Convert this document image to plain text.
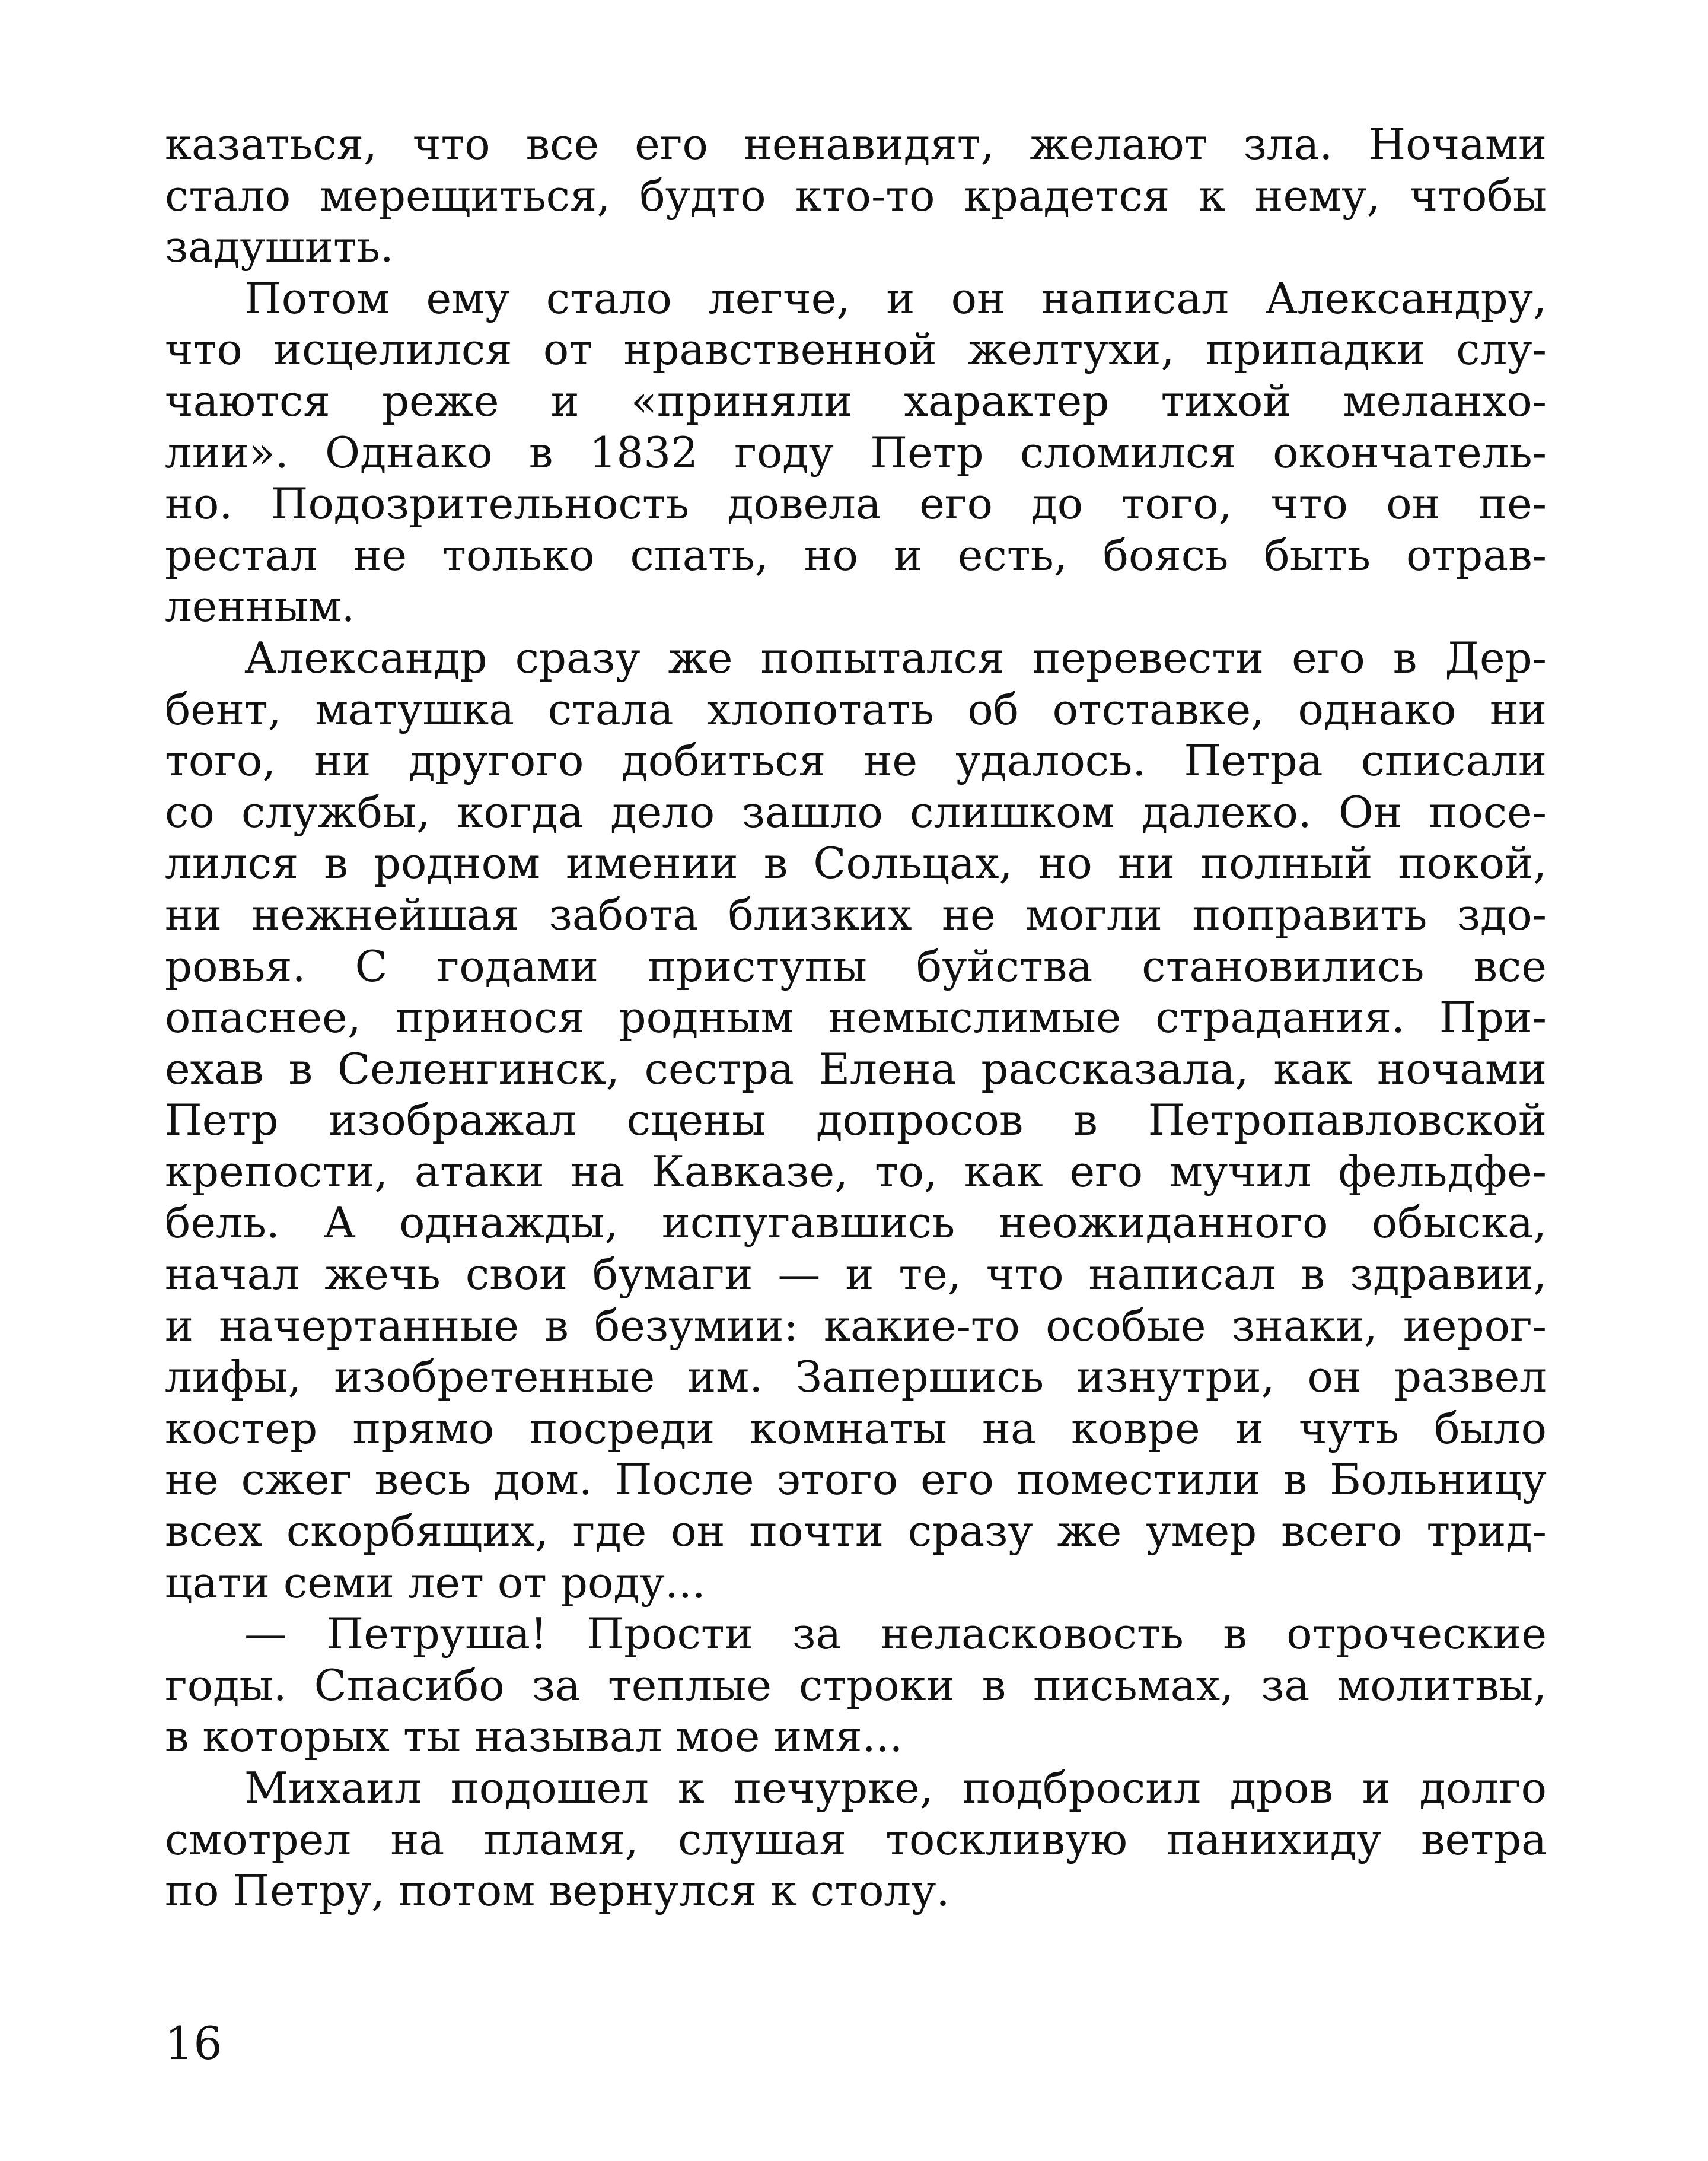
казаться, что все его ненавидят, желают зла. Ночами
стало мерещиться, будто кто-то крадется к нему, чтобы
задушить.
Потом ему стало легче, и он написал Александру,
что исцелился от нравственной желтухи, припадки слу-
чаются реже и «приняли характер тихой меланхо-
лии». Однако в 1832 году Петр сломился окончатель-
но. Подозрительность довела его до того, что он пе-
рестал не только спать, но и есть, боясь быть отрав-
ленным.
Александр сразу же попытался перевести его в Дер-
бент, матушка стала хлопотать об отставке, однако ни
того, ни другого добиться не удалось. Петра списали
со службы, когда дело зашло слишком далеко. Он посе-
лился в родном имении в Сольцах, но ни полный покой,
ни нежнейшая забота близких не могли поправить здо-
ровья. С годами приступы буйства становились все
опаснее, принося родным немыслимые страдания. При-
ехав в Селенгинск, сестра Елена рассказала, как ночами
Петр изображал сцены допросов в Петропавловской
крепости, атаки на Кавказе, то, как его мучил фельдфе-
бель. А однажды, испугавшись неожиданного обыска,
начал жечь свои бумаги — и те, что написал в здравии,
и начертанные в безумии: какие-то особые знаки, иерог-
лифы, изобретенные им. Запершись изнутри, он развел
костер прямо посреди комнаты на ковре и чуть было
не сжег весь дом. После этого его поместили в Больницу
всех скорбящих, где он почти сразу же умер всего трид-
цати семи лет от роду...
— Петруша! Прости за неласковость в отроческие
годы. Спасибо за теплые строки в письмах, за молитвы,
в которых ты называл мое имя...
Михаил подошел к печурке, подбросил дров и долго
смотрел на пламя, слушая тоскливую панихиду ветра
по Петру, потом вернулся к столу.
16
